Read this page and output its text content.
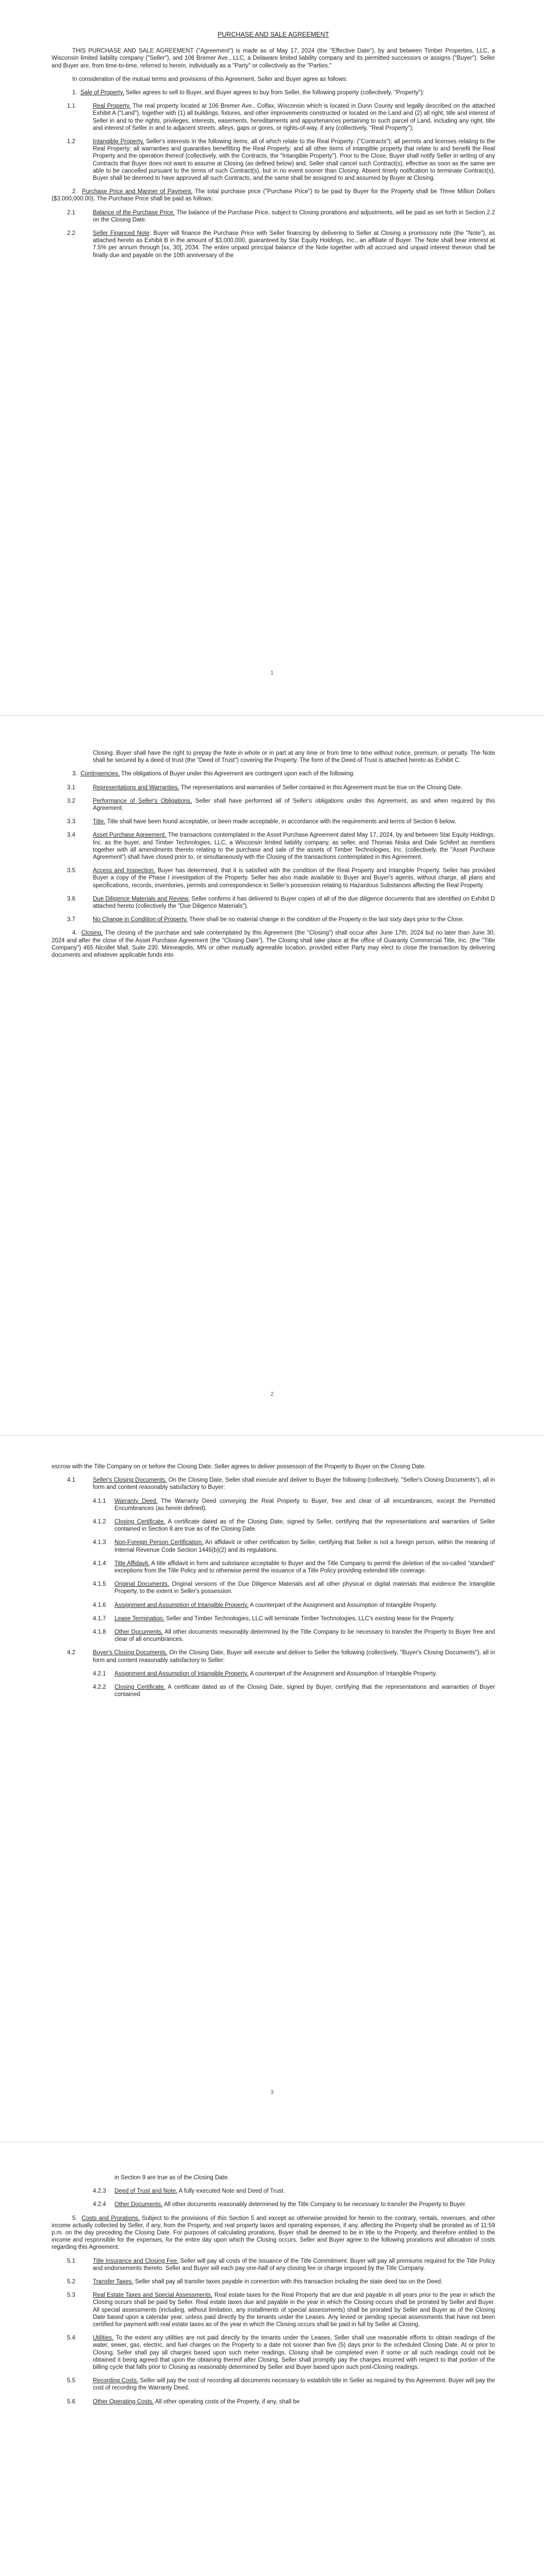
PURCHASE AND SALE AGREEMENT

THIS PURCHASE AND SALE AGREEMENT ("Agreement") is made as of May 17, 2024 (the "Effective Date"), by and between Timber Properties, LLC, a Wisconsin limited liability company ("Seller"), and 106 Bremer Ave., LLC, a Delaware limited liability company and its permitted successors or assigns ("Buyer"). Seller and Buyer are, from time-to-time, referred to herein, individually as a "Party" or collectively as the "Parties."

In consideration of the mutual terms and provisions of this Agreement, Seller and Buyer agree as follows:

1. Sale of Property. Seller agrees to sell to Buyer, and Buyer agrees to buy from Seller, the following property (collectively, "Property"):

1.1	Real Property. The real property located at 106 Bremer Ave., Colfax, Wisconsin which is located in Dunn County and legally described on the attached Exhibit A ("Land"), together with (1) all buildings, fixtures, and other improvements constructed or located on the Land and (2) all right, title and interest of Seller in and to the rights, privileges, interests, easements, hereditaments and appurtenances pertaining to such parcel of Land, including any right, title and interest of Seller in and to adjacent streets, alleys, gaps or gores, or rights-of-way, if any (collectively, "Real Property");
1.2	Intangible Property. Seller's interests in the following items, all of which relate to the Real Property: ("Contracts"); all permits and licenses relating to the Real Property; all warranties and guaranties benefitting the Real Property; and all other items of intangible property that relate to and benefit the Real Property and the operation thereof (collectively, with the Contracts, the "Intangible Property"). Prior to the Close, Buyer shall notify Seller in writing of any Contracts that Buyer does not want to assume at Closing (as defined below) and, Seller shall cancel such Contract(s), effective as soon as the same are able to be cancelled pursuant to the terms of such Contract(s), but in no event sooner than Closing. Absent timely notification to terminate Contract(s), Buyer shall be deemed to have approved all such Contracts, and the same shall be assigned to and assumed by Buyer at Closing.

2. Purchase Price and Manner of Payment. The total purchase price ("Purchase Price") to be paid by Buyer for the Property shall be Three Million Dollars ($3,000,000.00). The Purchase Price shall be paid as follows:

2.1	Balance of the Purchase Price. The balance of the Purchase Price, subject to Closing prorations and adjustments, will be paid as set forth in Section 2.2 on the Closing Date.
2.2	Seller Financed Note: Buyer will finance the Purchase Price with Seller financing by delivering to Seller at Closing a promissory note (the "Note"), as attached hereto as Exhibit B in the amount of $3,000,000, guaranteed by Star Equity Holdings, Inc., an affiliate of Buyer. The Note shall bear interest at 7.5% per annum through [xx, 30], 2034. The entire unpaid principal balance of the Note together with all accrued and unpaid interest thereon shall be finally due and payable on the 10th anniversary of the
1

Closing. Buyer shall have the right to prepay the Note in whole or in part at any time or from time to time without notice, premium, or penalty. The Note shall be secured by a deed of trust (the "Deed of Trust") covering the Property. The form of the Deed of Trust is attached hereto as Exhibit C.

3. Contingencies. The obligations of Buyer under this Agreement are contingent upon each of the following:

3.1	Representations and Warranties. The representations and warranties of Seller contained in this Agreement must be true on the Closing Date.
3.2	Performance of Seller's Obligations. Seller shall have performed all of Seller's obligations under this Agreement, as and when required by this Agreement.
3.3	Title. Title shall have been found acceptable, or been made acceptable, in accordance with the requirements and terms of Section 6 below.
3.4	Asset Purchase Agreement. The transactions contemplated in the Asset Purchase Agreement dated May 17, 2024, by and between Star Equity Holdings, Inc. as the buyer, and Timber Technologies, LLC, a Wisconsin limited liability company, as seller, and Thomas Niska and Dale Schiferl as members together with all amendments thereto relating to the purchase and sale of the assets of Timber Technologies, Inc. (collectively, the "Asset Purchase Agreement") shall have closed prior to, or simultaneously with the Closing of the transactions contemplated in this Agreement.
3.5	Access and Inspection. Buyer has determined, that it is satisfied with the condition of the Real Property and Intangible Property. Seller has provided Buyer a copy of the Phase I investigation of the Property. Seller has also made available to Buyer and Buyer's agents, without charge, all plans and specifications, records, inventories, permits and correspondence in Seller's possession relating to Hazardous Substances affecting the Real Property.
3.6	Due Diligence Materials and Review. Seller confirms it has delivered to Buyer copies of all of the due diligence documents that are identified on Exhibit D attached hereto (collectively the "Due Diligence Materials").
3.7	No Change in Condition of Property. There shall be no material change in the condition of the Property in the last sixty days prior to the Close.

4. Closing. The closing of the purchase and sale contemplated by this Agreement (the "Closing") shall occur after June 17th, 2024 but no later than June 30, 2024 and after the close of the Asset Purchase Agreement (the "Closing Date"). The Closing shall take place at the office of Guaranty Commercial Title, Inc. (the "Title Company") 465 Nicollet Mall, Suite 230, Minneapolis, MN or other mutually agreeable location, provided either Party may elect to close the transaction by delivering documents and whatever applicable funds into

2

escrow with the Title Company on or before the Closing Date. Seller agrees to deliver possession of the Property to Buyer on the Closing Date.

4.1	Seller's Closing Documents. On the Closing Date, Seller shall execute and deliver to Buyer the following (collectively, "Seller's Closing Documents"), all in form and content reasonably satisfactory to Buyer:
4.1.1	Warranty Deed. The Warranty Deed conveying the Real Property to Buyer, free and clear of all encumbrances, except the Permitted Encumbrances (as herein defined).
4.1.2	Closing Certificate. A certificate dated as of the Closing Date, signed by Seller, certifying that the representations and warranties of Seller contained in Section 8 are true as of the Closing Date.
4.1.3	Non-Foreign Person Certification. An affidavit or other certification by Seller, certifying that Seller is not a foreign person, within the meaning of Internal Revenue Code Section 1445(b)(2) and its regulations.
4.1.4	Title Affidavit. A title affidavit in form and substance acceptable to Buyer and the Title Company to permit the deletion of the so-called "standard" exceptions from the Title Policy and to otherwise permit the issuance of a Title Policy providing extended title coverage.
4.1.5	Original Documents. Original versions of the Due Diligence Materials and all other physical or digital materials that evidence the Intangible Property, to the extent in Seller's possession.
4.1.6	Assignment and Assumption of Intangible Property. A counterpart of the Assignment and Assumption of Intangible Property.
4.1.7	Lease Termination. Seller and Timber Technologies, LLC will terminate Timber Technologies, LLC's existing lease for the Property.
4.1.8	Other Documents. All other documents reasonably determined by the Title Company to be necessary to transfer the Property to Buyer free and clear of all encumbrances.
4.2	Buyer's Closing Documents. On the Closing Date, Buyer will execute and deliver to Seller the following (collectively, "Buyer's Closing Documents"), all in form and content reasonably satisfactory to Seller:
4.2.1	Assignment and Assumption of Intangible Property. A counterpart of the Assignment and Assumption of Intangible Property.
4.2.2	Closing Certificate. A certificate dated as of the Closing Date, signed by Buyer, certifying that the representations and warranties of Buyer contained
3

in Section 9 are true as of the Closing Date.

4.2.3	Deed of Trust and Note. A fully executed Note and Deed of Trust.
4.2.4	Other Documents. All other documents reasonably determined by the Title Company to be necessary to transfer the Property to Buyer.

5. Costs and Prorations. Subject to the provisions of this Section 5 and except as otherwise provided for herein to the contrary, rentals, revenues, and other income actually collected by Seller, if any, from the Property, and real property taxes and operating expenses, if any, affecting the Property shall be prorated as of 11:59 p.m. on the day preceding the Closing Date. For purposes of calculating prorations, Buyer shall be deemed to be in title to the Property, and therefore entitled to the income and responsible for the expenses, for the entire day upon which the Closing occurs. Seller and Buyer agree to the following prorations and allocation of costs regarding this Agreement:

5.1	Title Insurance and Closing Fee. Seller will pay all costs of the issuance of the Title Commitment. Buyer will pay all premiums required for the Title Policy and endorsements thereto. Seller and Buyer will each pay one-half of any closing fee or charge imposed by the Title Company.
5.2	Transfer Taxes. Seller shall pay all transfer taxes payable in connection with this transaction including the state deed tax on the Deed.
5.3	Real Estate Taxes and Special Assessments. Real estate taxes for the Real Property that are due and payable in all years prior to the year in which the Closing occurs shall be paid by Seller. Real estate taxes due and payable in the year in which the Closing occurs shall be prorated by Seller and Buyer. All special assessments (including, without limitation, any installments of special assessments) shall be prorated by Seller and Buyer as of the Closing Date based upon a calendar year, unless paid directly by the tenants under the Leases. Any levied or pending special assessments that have not been certified for payment with real estate taxes as of the year in which the Closing occurs shall be paid in full by Seller at Closing.
5.4	Utilities. To the extent any utilities are not paid directly by the tenants under the Leases, Seller shall use reasonable efforts to obtain readings of the water, sewer, gas, electric, and fuel charges on the Property to a date not sooner than five (5) days prior to the scheduled Closing Date. At or prior to Closing, Seller shall pay all charges based upon such meter readings. Closing shall be completed even if some or all such readings could not be obtained it being agreed that upon the obtaining thereof after Closing, Seller shall promptly pay the charges incurred with respect to that portion of the billing cycle that falls prior to Closing as reasonably determined by Seller and Buyer based upon such post-Closing readings.
5.5	Recording Costs. Seller will pay the cost of recording all documents necessary to establish title in Seller as required by this Agreement. Buyer will pay the cost of recording the Warranty Deed.
5.6	Other Operating Costs. All other operating costs of the Property, if any, shall be
